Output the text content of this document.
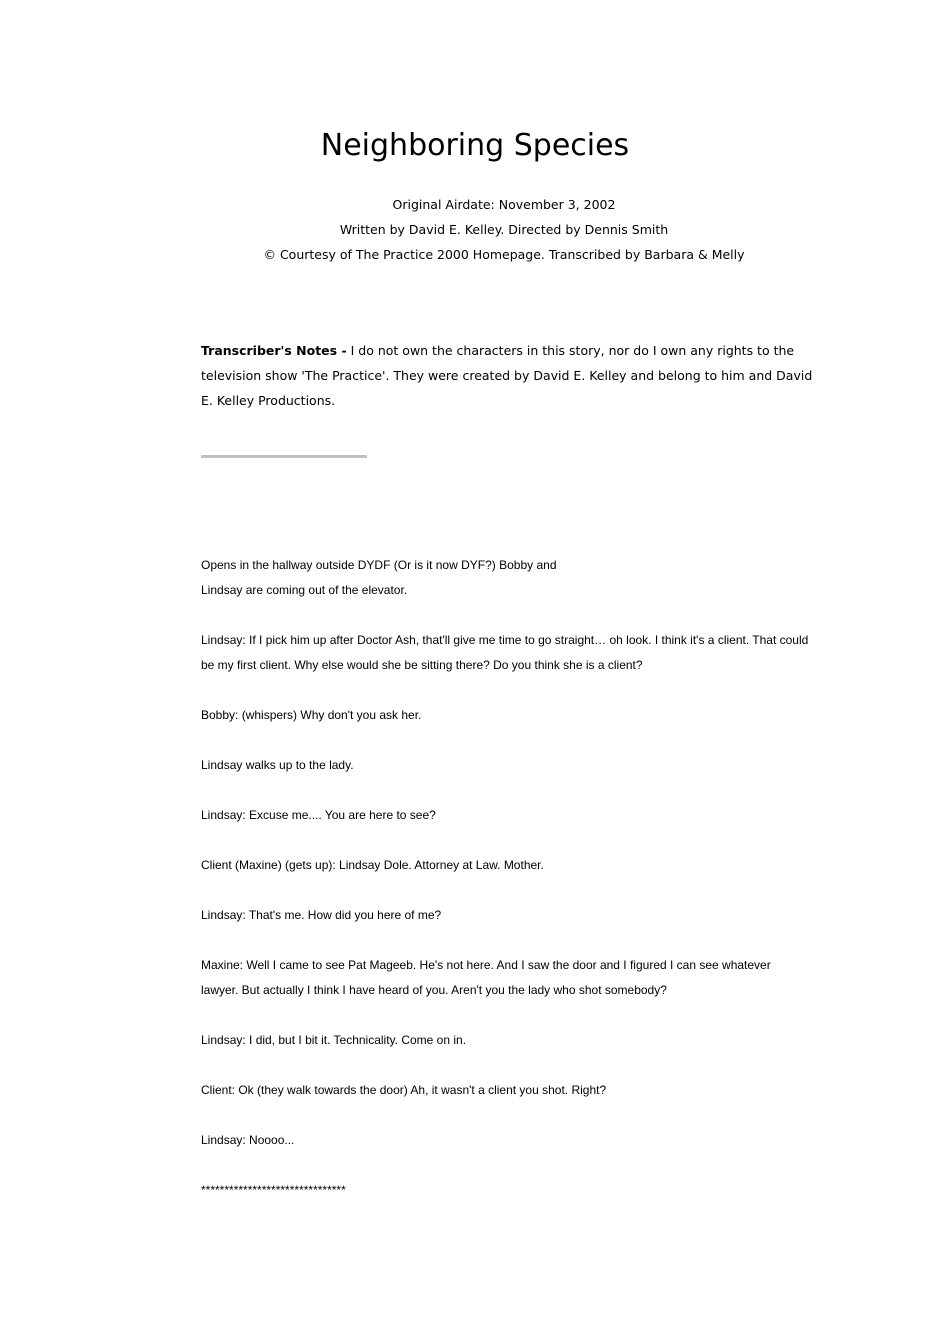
Neighboring Species

Original Airdate: November 3, 2002

Written by David E. Kelley. Directed by Dennis Smith

© Courtesy of The Practice 2000 Homepage. Transcribed by Barbara & Melly

Transcriber's Notes - I do not own the characters in this story, nor do I own any rights to the television show 'The Practice'. They were created by David E. Kelley and belong to him and David E. Kelley Productions.

Opens in the hallway outside DYDF (Or is it now DYF?) Bobby and Lindsay are coming out of the elevator.

Lindsay: If I pick him up after Doctor Ash, that'll give me time to go straight… oh look. I think it's a client. That could be my first client. Why else would she be sitting there? Do you think she is a client?

Bobby: (whispers) Why don't you ask her.

Lindsay walks up to the lady.

Lindsay: Excuse me.... You are here to see?

Client (Maxine) (gets up): Lindsay Dole. Attorney at Law. Mother.

Lindsay: That's me. How did you here of me?

Maxine: Well I came to see Pat Mageeb. He's not here. And I saw the door and I figured I can see whatever lawyer. But actually I think I have heard of you. Aren't you the lady who shot somebody?

Lindsay: I did, but I bit it. Technicality. Come on in.

Client: Ok (they walk towards the door) Ah, it wasn't a client you shot. Right?

Lindsay: Noooo...

*******************************
